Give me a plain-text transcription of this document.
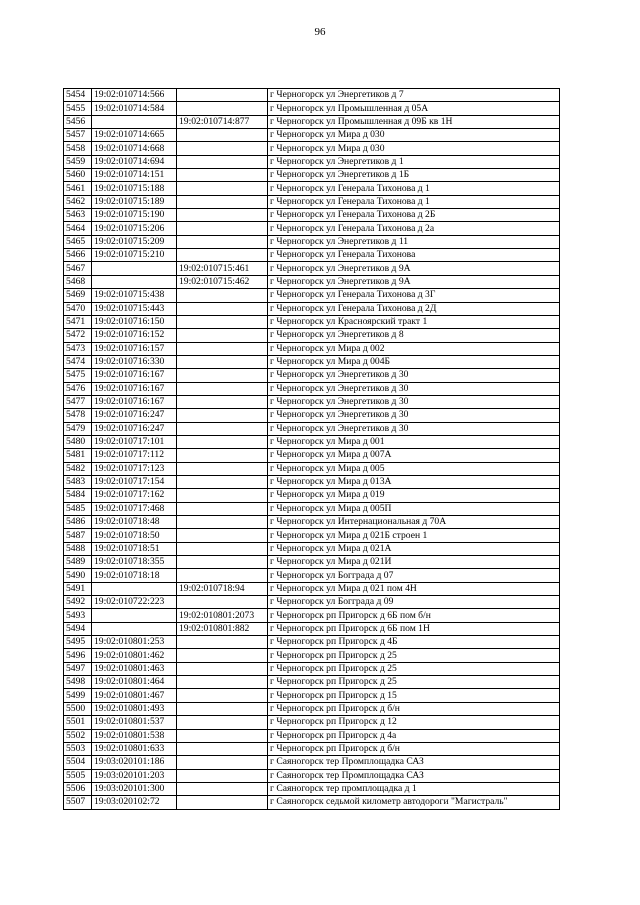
96
5454	19:02:010714:566		г Черногорск ул Энергетиков д 7
5455	19:02:010714:584		г Черногорск ул Промышленная д 05А
5456		19:02:010714:877	г Черногорск ул Промышленная д 09Б кв 1Н
5457	19:02:010714:665		г Черногорск ул Мира д 030
5458	19:02:010714:668		г Черногорск ул Мира д 030
5459	19:02:010714:694		г Черногорск ул Энергетиков д 1
5460	19:02:010714:151		г Черногорск ул Энергетиков д 1Б
5461	19:02:010715:188		г Черногорск ул Генерала Тихонова д 1
5462	19:02:010715:189		г Черногорск ул Генерала Тихонова д 1
5463	19:02:010715:190		г Черногорск ул Генерала Тихонова д 2Б
5464	19:02:010715:206		г Черногорск ул Генерала Тихонова д 2а
5465	19:02:010715:209		г Черногорск ул Энергетиков д 11
5466	19:02:010715:210		г Черногорск ул Генерала Тихонова
5467		19:02:010715:461	г Черногорск ул Энергетиков д 9А
5468		19:02:010715:462	г Черногорск ул Энергетиков д 9А
5469	19:02:010715:438		г Черногорск ул Генерала Тихонова д 3Г
5470	19:02:010715:443		г Черногорск ул Генерала Тихонова д 2Д
5471	19:02:010716:150		г Черногорск ул Красноярский тракт 1
5472	19:02:010716:152		г Черногорск ул Энергетиков д 8
5473	19:02:010716:157		г Черногорск ул Мира д 002
5474	19:02:010716:330		г Черногорск ул Мира д 004Б
5475	19:02:010716:167		г Черногорск ул Энергетиков д 30
5476	19:02:010716:167		г Черногорск ул Энергетиков д 30
5477	19:02:010716:167		г Черногорск ул Энергетиков д 30
5478	19:02:010716:247		г Черногорск ул Энергетиков д 30
5479	19:02:010716:247		г Черногорск ул Энергетиков д 30
5480	19:02:010717:101		г Черногорск ул Мира д 001
5481	19:02:010717:112		г Черногорск ул Мира д 007А
5482	19:02:010717:123		г Черногорск ул Мира д 005
5483	19:02:010717:154		г Черногорск ул Мира д 013А
5484	19:02:010717:162		г Черногорск ул Мира д 019
5485	19:02:010717:468		г Черногорск ул Мира д 005П
5486	19:02:010718:48		г Черногорск ул Интернациональная д 70А
5487	19:02:010718:50		г Черногорск ул Мира д 021Б строен 1
5488	19:02:010718:51		г Черногорск ул Мира д 021А
5489	19:02:010718:355		г Черногорск ул Мира д 021И
5490	19:02:010718:18		г Черногорск ул Богграда д 07
5491		19:02:010718:94	г Черногорск ул Мира д 021 пом 4Н
5492	19:02:010722:223		г Черногорск ул Богграда д 09
5493		19:02:010801:2073	г Черногорск рп Пригорск д 6Б пом б/н
5494		19:02:010801:882	г Черногорск рп Пригорск д 6Б пом 1Н
5495	19:02:010801:253		г Черногорск рп Пригорск д 4Б
5496	19:02:010801:462		г Черногорск рп Пригорск д 25
5497	19:02:010801:463		г Черногорск рп Пригорск д 25
5498	19:02:010801:464		г Черногорск рп Пригорск д 25
5499	19:02:010801:467		г Черногорск рп Пригорск д 15
5500	19:02:010801:493		г Черногорск рп Пригорск д б/н
5501	19:02:010801:537		г Черногорск рп Пригорск д 12
5502	19:02:010801:538		г Черногорск рп Пригорск д 4а
5503	19:02:010801:633		г Черногорск рп Пригорск д б/н
5504	19:03:020101:186		г Саяногорск тер Промплощадка САЗ
5505	19:03:020101:203		г Саяногорск тер Промплощадка САЗ
5506	19:03:020101:300		г Саяногорск тер промплощадка д 1
5507	19:03:020102:72		г Саяногорск седьмой километр автодороги "Магистраль"
